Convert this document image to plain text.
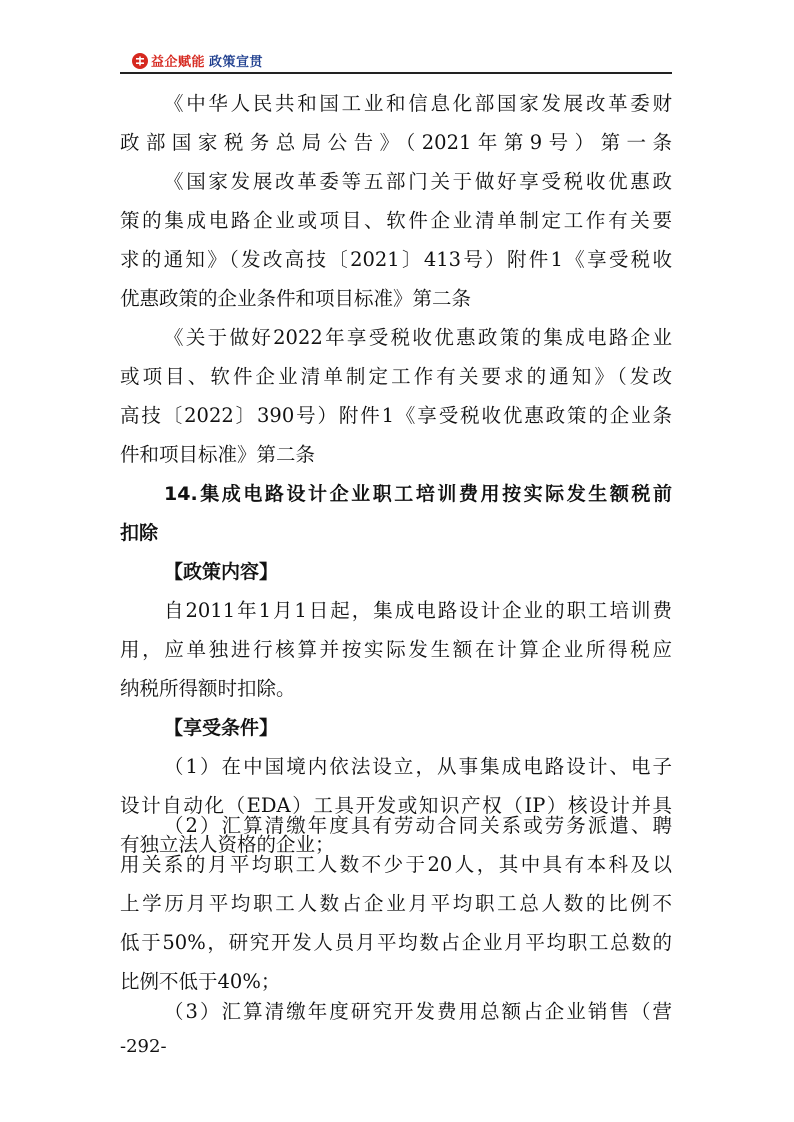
益企赋能 政策宣贯
《中华人民共和国工业和信息化部国家发展改革委财
政部国家税务总局公告》（2021年第9号）第一条
《国家发展改革委等五部门关于做好享受税收优惠政
策的集成电路企业或项目、软件企业清单制定工作有关要
求的通知》（发改高技〔2021〕413号）附件1《享受税收
优惠政策的企业条件和项目标准》第二条
《关于做好2022年享受税收优惠政策的集成电路企业
或项目、软件企业清单制定工作有关要求的通知》（发改
高技〔2022〕390号）附件1《享受税收优惠政策的企业条
件和项目标准》第二条
14.集成电路设计企业职工培训费用按实际发生额税前
扣除
【政策内容】
自2011年1月1日起，集成电路设计企业的职工培训费
用，应单独进行核算并按实际发生额在计算企业所得税应
纳税所得额时扣除。
【享受条件】
（1）在中国境内依法设立，从事集成电路设计、电子
设计自动化（EDA）工具开发或知识产权（IP）核设计并具
有独立法人资格的企业；
（2）汇算清缴年度具有劳动合同关系或劳务派遣、聘
用关系的月平均职工人数不少于20人，其中具有本科及以
上学历月平均职工人数占企业月平均职工总人数的比例不
低于50%，研究开发人员月平均数占企业月平均职工总数的
比例不低于40%；
-292-
（3）汇算清缴年度研究开发费用总额占企业销售（营
